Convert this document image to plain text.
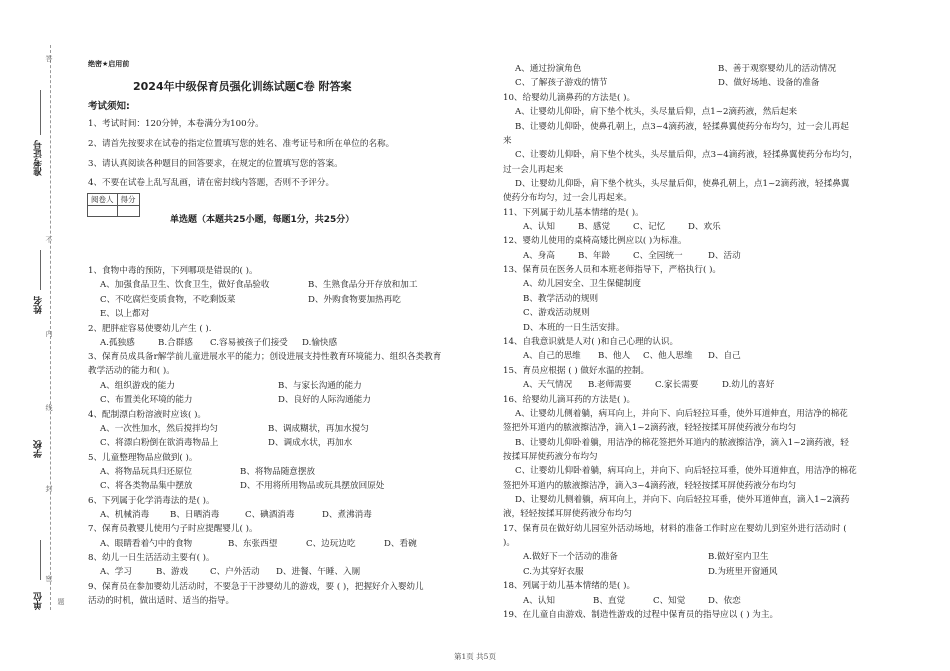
答
准考证号
不
姓名
内
线
学校
封
密
单位 题
绝密★启用前
2024年中级保育员强化训练试题C卷 附答案
考试须知:
1、考试时间：120分钟，本卷满分为100分。
2、请首先按要求在试卷的指定位置填写您的姓名、准考证号和所在单位的名称。
3、请认真阅读各种题目的回答要求，在规定的位置填写您的答案。
4、不要在试卷上乱写乱画，请在密封线内答题，否则不予评分。
阅卷人	得分

单选题（本题共25小题，每题1分，共25分）
1、食物中毒的预防，下列哪项是错误的( )。
A、加强食品卫生、饮食卫生，做好食品验收	B、生熟食品分开存放和加工
C、不吃腐烂变质食物，不吃剩饭菜	D、外购食物要加热再吃
E、以上都对
2、肥胖症容易使婴幼儿产生 ( ).
A.孤独感	B.合群感 C.容易被孩子们接受 D.愉快感
3、保育员成具备r解学前儿童进展水平的能力；创设进展支持性教育环境能力、组织各类教育
教学活动的能力和( )。
A、组织游戏的能力	B、与家长沟通的能力
C、布置美化环境的能力	D、良好的人际沟通能力
4、配制漂白粉溶液时应该( )。
A、一次性加水，然后搅拌均匀	B、调成糊状，再加水搅匀
C、将漂白粉倒在欲消毒物品上	D、调成水状，再加水
5、儿童整理物品应做到( )。
A、将物品玩具归还原位	B、将物品随意摆放
C、将各类物品集中摆放	D、不用将所用物品或玩具摆放回原处
6、下列属于化学消毒法的是( )。
A、机械消毒 B、日晒消毒	C、碘酒消毒	D、煮沸消毒
7、保育员教婴儿使用勺子时应提醒婴儿( )。
A、眼睛看着勺中的食物	B、东张西望	C、边玩边吃	D、看碗
8、幼儿一日生活活动主要有( )。
A、学习	B、游戏	C、户外活动 D、进餐、午睡、入厕
9、保育员在参加婴幼儿活动时，不要急于干涉婴幼儿的游戏，要 ( )，把握好介入婴幼儿
活动的时机，做出适时、适当的指导。
A、通过扮演角色	B、善于观察婴幼儿的活动情况
C、了解孩子游戏的情节	D、做好场地、设备的准备
10、给婴幼儿滴鼻药的方法是( )。
A、让婴幼儿仰卧，肩下垫个枕头，头尽量后仰，点1~2滴药液，然后起来
B、让婴幼儿仰卧，使鼻孔朝上，点3~4滴药液，轻揉鼻翼使药分布均匀，过一会儿再起
来
C、让婴幼儿仰卧，肩下垫个枕头，头尽量后仰，点3~4滴药液，轻揉鼻翼使药分布均匀，
过一会儿再起来
D、让婴幼儿仰卧，肩下垫个枕头，头尽量后仰，使鼻孔朝上，点1~2滴药液，轻揉鼻翼
使药分布均匀，过一会儿再起来。
11、下列属于幼儿基本情绪的是( )。
A、认知	B、感觉	C、记忆	D、欢乐
12、婴幼儿使用的桌椅高矮比例应以( )为标准。
A、身高	B、年龄	C、全园统一	D、活动
13、保育员在医务人员和本班老师指导下，严格执行( )。
A、幼儿园安全、卫生保健制度
B、教学活动的规则
C、游戏活动规则
D、本班的一日生活安排。
14、自我意识就是人对( )和自己心理的认识。
A、自己的思维 B、他人 C、他人思维 D、自己
15、育员应根据 ( ) 做好水温的控制。
A、天气情况 B.老师需要	C.家长需要	D.幼儿的喜好
16、给婴幼儿滴耳药的方法是( )。
A、让婴幼儿侧着躺，病耳向上，并向下、向后轻拉耳垂，使外耳道伸直，用洁净的棉花
签把外耳道内的脓液擦洁净，滴入1~2滴药液，轻轻按揉耳屏使药液分布均匀
B、让婴幼儿仰卧着躺，用洁净的棉花签把外耳道内的脓液擦洁净，滴入1~2滴药液，轻
按揉耳屏使药液分布均匀
C、让婴幼儿仰卧着躺，病耳向上，并向下、向后轻拉耳垂，使外耳道伸直，用洁净的棉花
签把外耳道内的脓液擦洁净，滴入3~4滴药液，轻轻按揉耳屏使药液分布均匀
D、让婴幼儿侧着躺，病耳向上，并向下、向后轻拉耳垂，使外耳道伸直，滴入1~2滴药
液，轻轻按揉耳屏使药液分布均匀
17、保育员在做好幼儿园室外活动场地，材料的准备工作时应在婴幼儿到室外进行活动时 (
)。
A.做好下一个活动的准备	B.做好室内卫生
C.为其穿好衣服	D.为班里开窗通风
18、列属于幼儿基本情绪的是( )。
A、认知	B、直觉	C、知觉	D、依恋
19、在儿童自由游戏、制造性游戏的过程中保育员的指导应以 ( ) 为主。
第1页 共5页
